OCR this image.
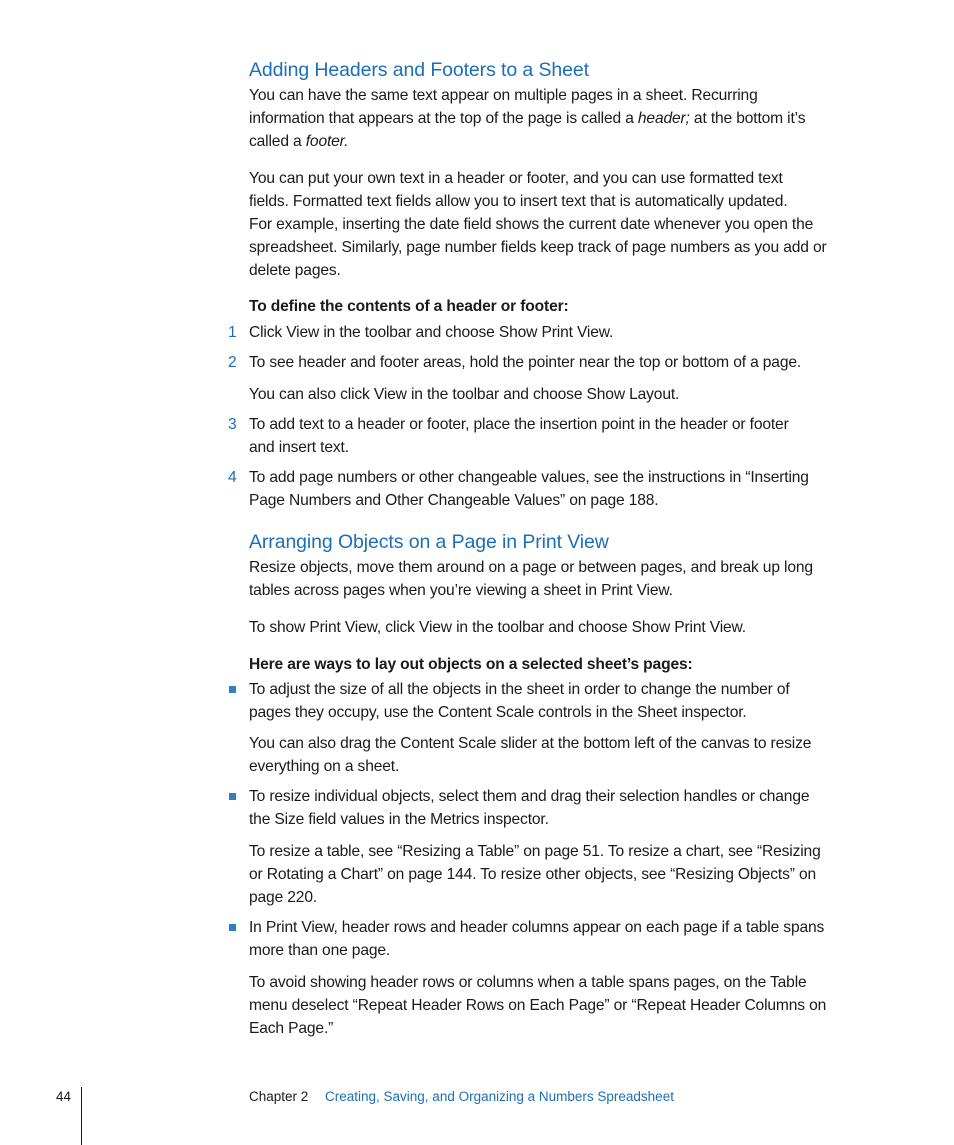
Adding Headers and Footers to a Sheet
You can have the same text appear on multiple pages in a sheet. Recurring
information that appears at the top of the page is called a header; at the bottom it’s
called a footer.
You can put your own text in a header or footer, and you can use formatted text
fields. Formatted text fields allow you to insert text that is automatically updated.
For example, inserting the date field shows the current date whenever you open the
spreadsheet. Similarly, page number fields keep track of page numbers as you add or
delete pages.
To define the contents of a header or footer:
1 Click View in the toolbar and choose Show Print View.
2 To see header and footer areas, hold the pointer near the top or bottom of a page.
You can also click View in the toolbar and choose Show Layout.
3 To add text to a header or footer, place the insertion point in the header or footer
and insert text.
4 To add page numbers or other changeable values, see the instructions in “Inserting
Page Numbers and Other Changeable Values” on page 188.
Arranging Objects on a Page in Print View
Resize objects, move them around on a page or between pages, and break up long
tables across pages when you’re viewing a sheet in Print View.
To show Print View, click View in the toolbar and choose Show Print View.
Here are ways to lay out objects on a selected sheet’s pages:
To adjust the size of all the objects in the sheet in order to change the number of
pages they occupy, use the Content Scale controls in the Sheet inspector.
You can also drag the Content Scale slider at the bottom left of the canvas to resize
everything on a sheet.
To resize individual objects, select them and drag their selection handles or change
the Size field values in the Metrics inspector.
To resize a table, see “Resizing a Table” on page 51. To resize a chart, see “Resizing
or Rotating a Chart” on page 144. To resize other objects, see “Resizing Objects” on
page 220.
In Print View, header rows and header columns appear on each page if a table spans
more than one page.
To avoid showing header rows or columns when a table spans pages, on the Table
menu deselect “Repeat Header Rows on Each Page” or “Repeat Header Columns on
Each Page.”
44	Chapter 2 Creating, Saving, and Organizing a Numbers Spreadsheet
